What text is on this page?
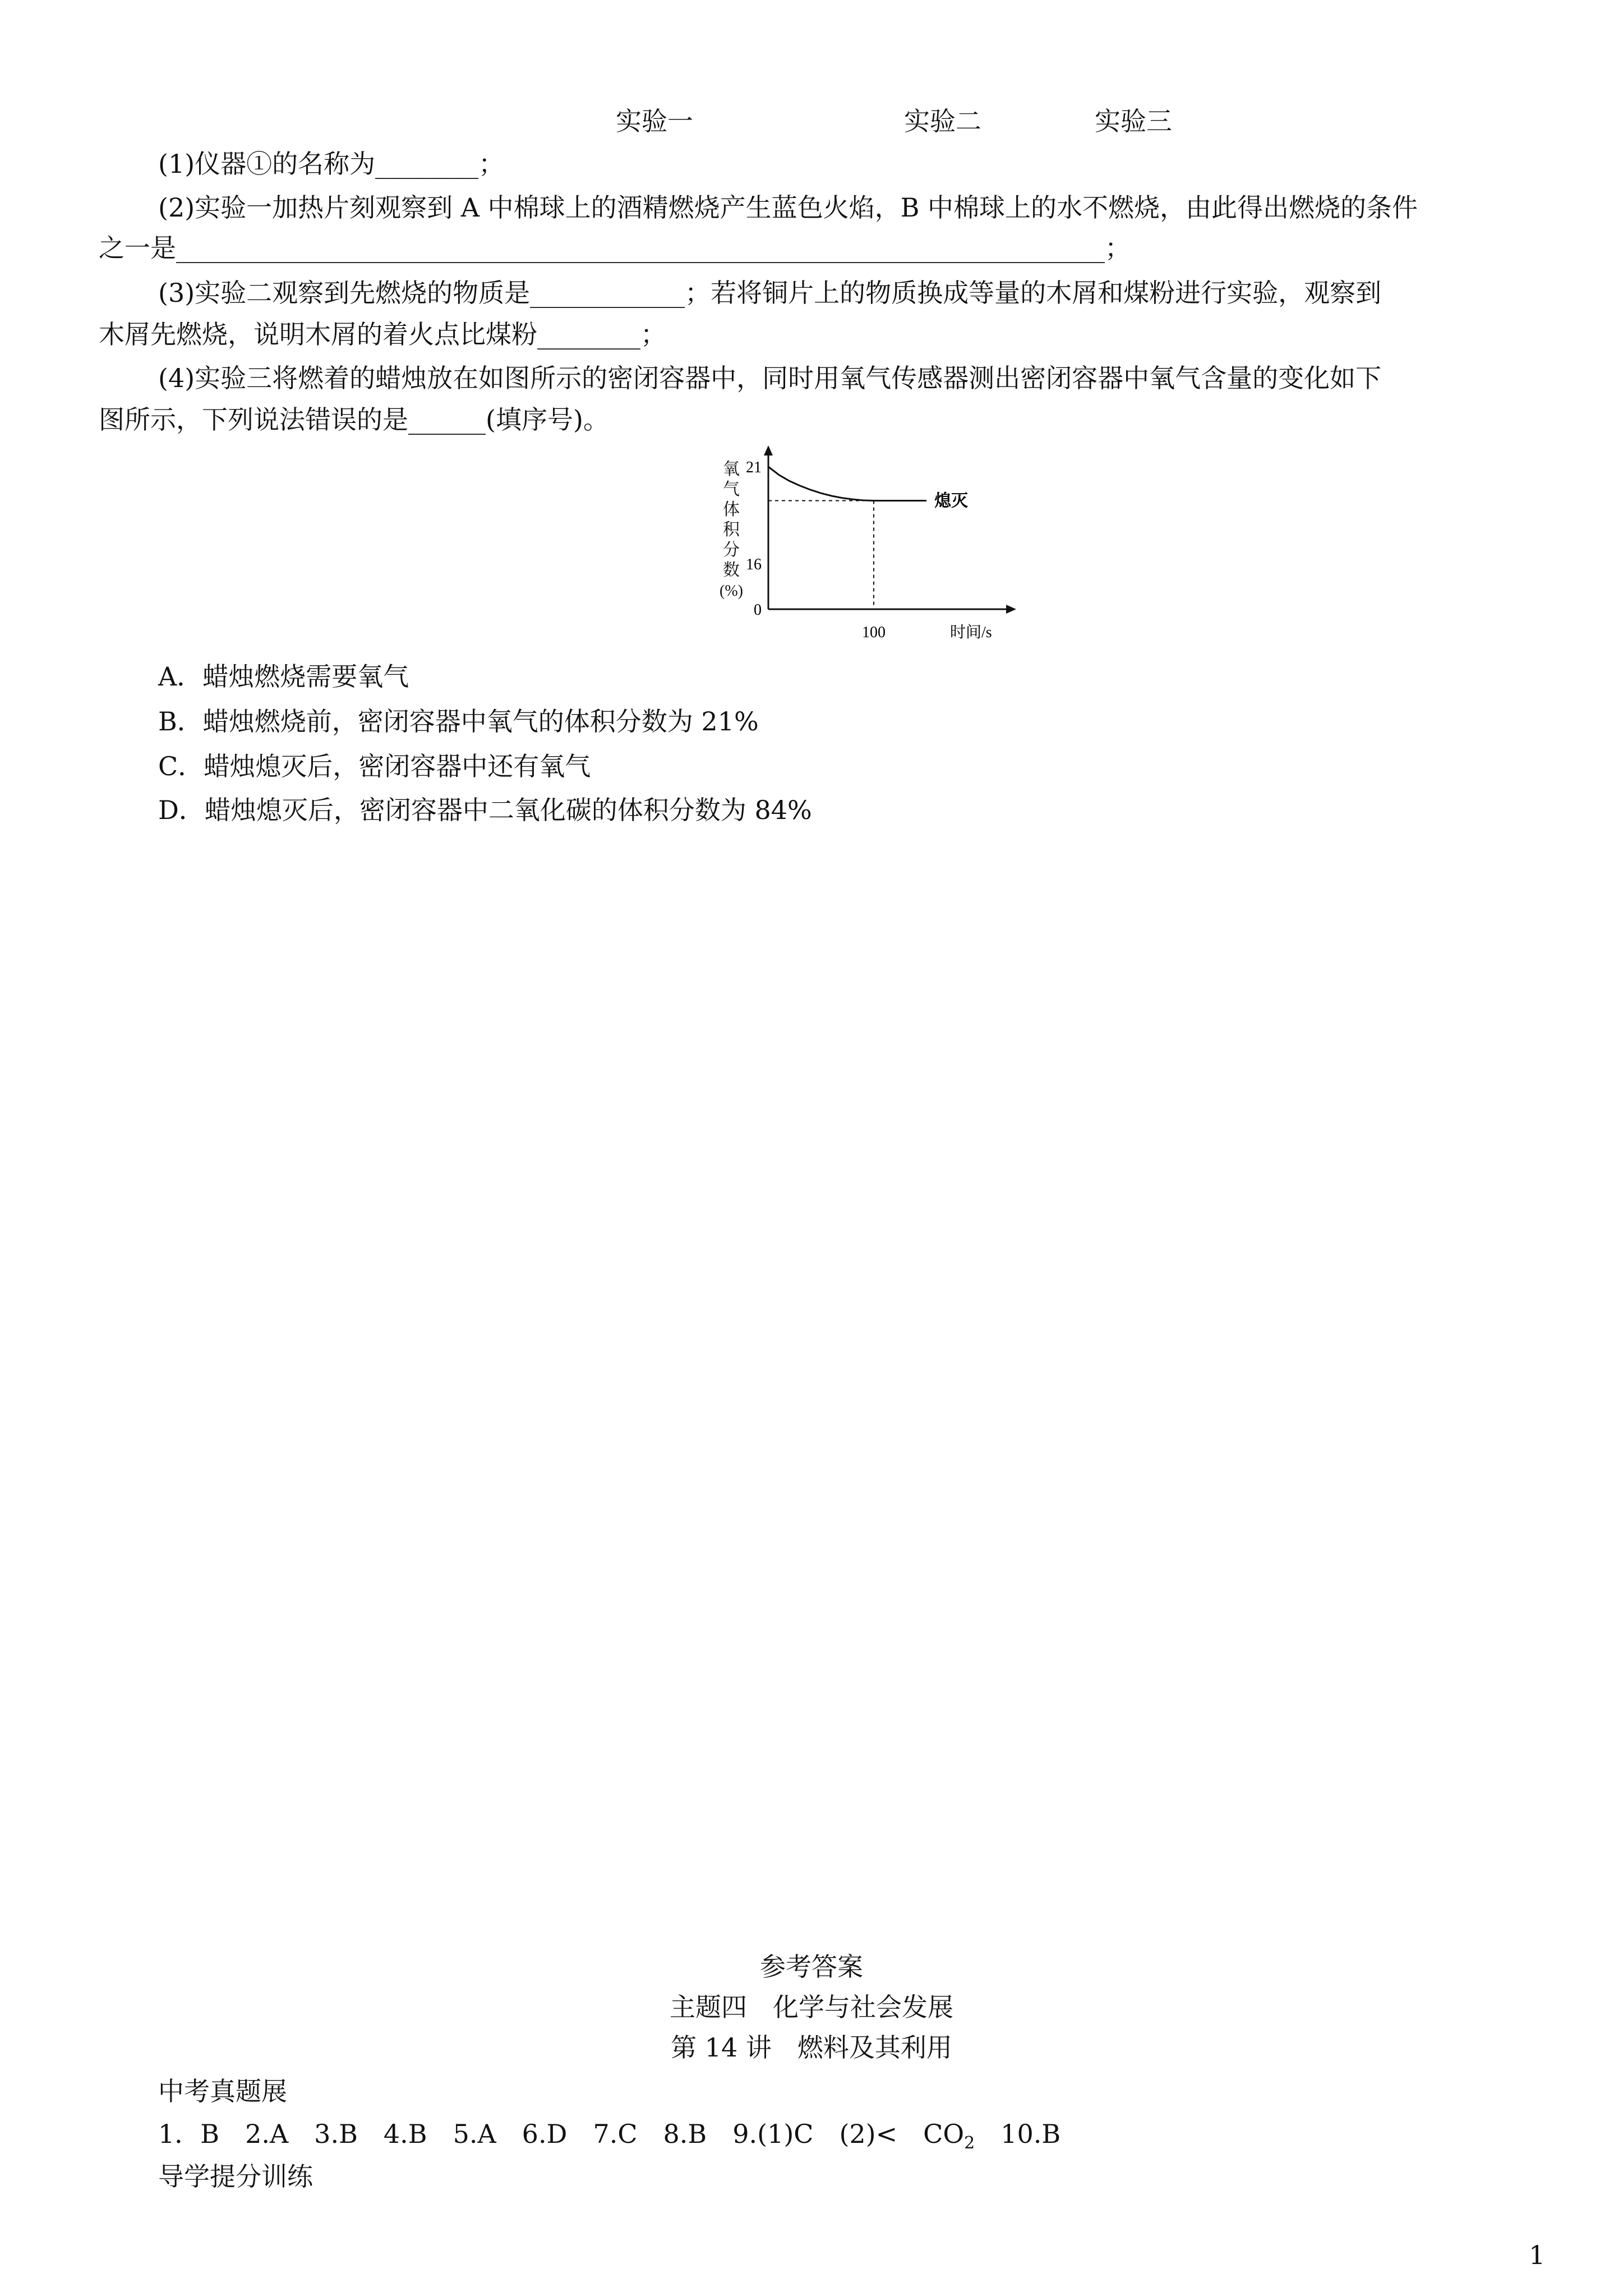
实验一	实验二	实验三
(1)仪器①的名称为________；
(2)实验一加热片刻观察到 A 中棉球上的酒精燃烧产生蓝色火焰，B 中棉球上的水不燃烧，由此得出燃烧的条件
之一是________________________________________________________________________；
(3)实验二观察到先燃烧的物质是____________；若将铜片上的物质换成等量的木屑和煤粉进行实验，观察到
木屑先燃烧，说明木屑的着火点比煤粉________；
(4)实验三将燃着的蜡烛放在如图所示的密闭容器中，同时用氧气传感器测出密闭容器中氧气含量的变化如下
图所示，下列说法错误的是______(填序号)。
氧
气
体
积
分
数
(%)
21
16
0
100	时间/s
熄灭
A．蜡烛燃烧需要氧气
B．蜡烛燃烧前，密闭容器中氧气的体积分数为 21%
C．蜡烛熄灭后，密闭容器中还有氧气
D．蜡烛熄灭后，密闭容器中二氧化碳的体积分数为 84%
参考答案
主题四　化学与社会发展
第 14 讲　燃料及其利用
中考真题展
1．B　2.A　3.B　4.B　5.A　6.D　7.C　8.B　9.(1)C　(2)<　$CO_2$　10.B
导学提分训练
1
